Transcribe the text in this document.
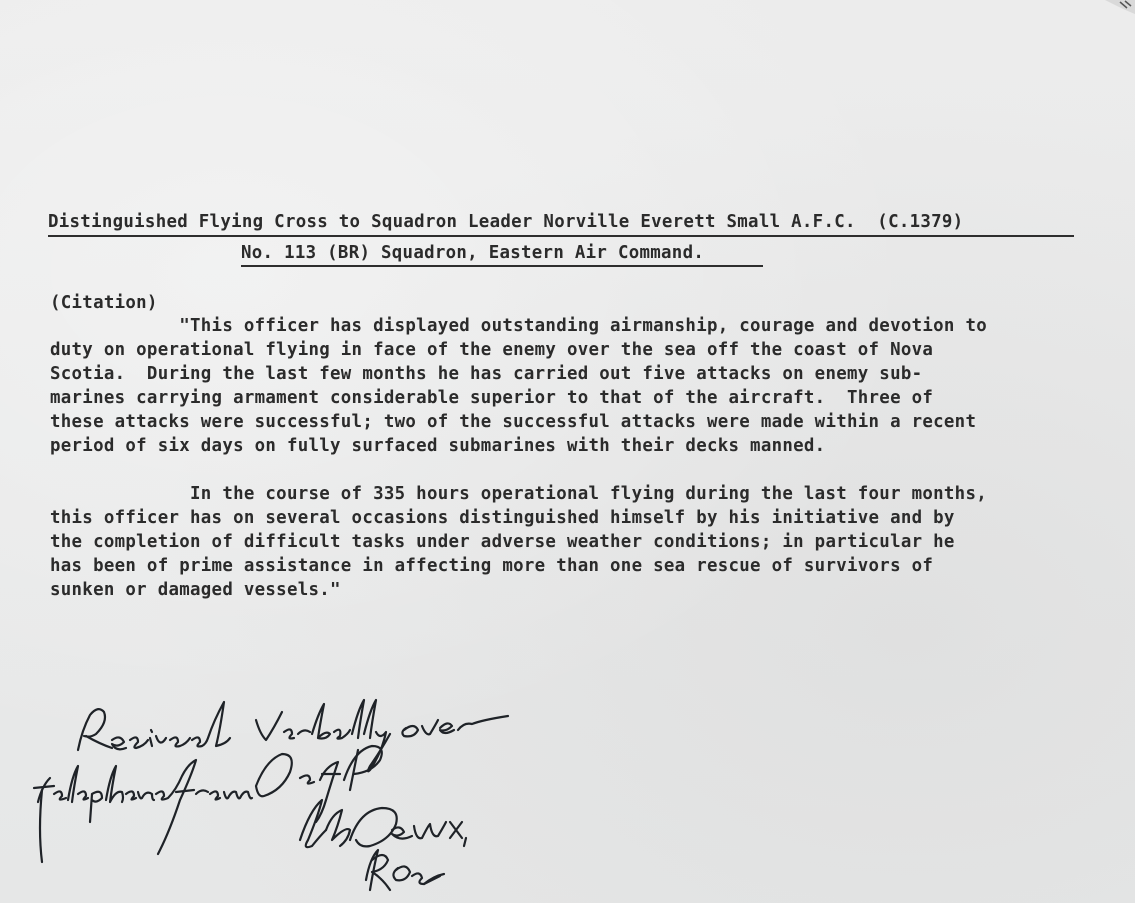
Distinguished Flying Cross to Squadron Leader Norville Everett Small A.F.C.  (C.1379)
No. 113 (BR) Squadron, Eastern Air Command.
(Citation)
"This officer has displayed outstanding airmanship, courage and devotion to
duty on operational flying in face of the enemy over the sea off the coast of Nova
Scotia.  During the last few months he has carried out five attacks on enemy sub-
marines carrying armament considerable superior to that of the aircraft.  Three of
these attacks were successful; two of the successful attacks were made within a recent
period of six days on fully surfaced submarines with their decks manned.
In the course of 335 hours operational flying during the last four months,
this officer has on several occasions distinguished himself by his initiative and by
the completion of difficult tasks under adverse weather conditions; in particular he
has been of prime assistance in affecting more than one sea rescue of survivors of
sunken or damaged vessels."
